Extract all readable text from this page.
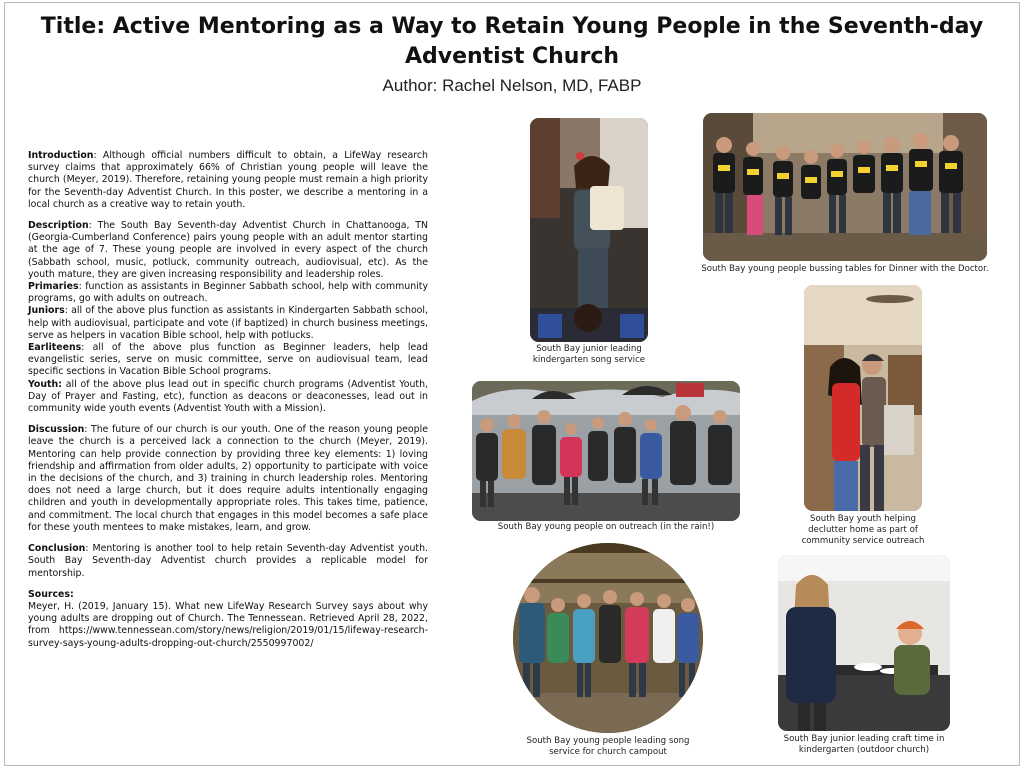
Title: Active Mentoring as a Way to Retain Young People in the Seventh-day Adventist Church
Author: Rachel Nelson, MD, FABP

Introduction: Although official numbers difficult to obtain, a LifeWay research survey claims that approximately 66% of Christian young people will leave the church (Meyer, 2019). Therefore, retaining young people must remain a high priority for the Seventh-day Adventist Church. In this poster, we describe a mentoring in a local church as a creative way to retain youth.

Description: The South Bay Seventh-day Adventist Church in Chattanooga, TN (Georgia-Cumberland Conference) pairs young people with an adult mentor starting at the age of 7. These young people are involved in every aspect of the church (Sabbath school, music, potluck, community outreach, audiovisual, etc). As the youth mature, they are given increasing responsibility and leadership roles.

Primaries: function as assistants in Beginner Sabbath school, help with community programs, go with adults on outreach.

Juniors: all of the above plus function as assistants in Kindergarten Sabbath school, help with audiovisual, participate and vote (if baptized) in church business meetings, serve as helpers in vacation Bible school, help with potlucks.

Earliteens: all of the above plus function as Beginner leaders, help lead evangelistic series, serve on music committee, serve on audiovisual team, lead specific sections in Vacation Bible School programs.

Youth: all of the above plus lead out in specific church programs (Adventist Youth, Day of Prayer and Fasting, etc), function as deacons or deaconesses, lead out in community wide youth events (Adventist Youth with a Mission).

Discussion: The future of our church is our youth. One of the reason young people leave the church is a perceived lack a connection to the church (Meyer, 2019). Mentoring can help provide connection by providing three key elements: 1) loving friendship and affirmation from older adults, 2) opportunity to participate with voice in the decisions of the church, and 3) training in church leadership roles. Mentoring does not need a large church, but it does require adults intentionally engaging children and youth in developmentally appropriate roles. This takes time, patience, and commitment. The local church that engages in this model becomes a safe place for these youth mentees to make mistakes, learn, and grow.

Conclusion: Mentoring is another tool to help retain Seventh-day Adventist youth. South Bay Seventh-day Adventist church provides a replicable model for mentorship.

Sources:

Meyer, H. (2019, January 15). What new LifeWay Research Survey says about why young adults are dropping out of Church. The Tennessean. Retrieved April 28, 2022, from https://www.tennessean.com/story/news/religion/2019/01/15/lifeway-research-survey-says-young-adults-dropping-out-church/2550997002/

South Bay junior leading kindergarten song service
South Bay young people bussing tables for Dinner with the Doctor.
South Bay young people on outreach (in the rain!)
South Bay youth helping declutter home as part of community service outreach
South Bay young people leading song service for church campout
South Bay junior leading craft time in kindergarten (outdoor church)
